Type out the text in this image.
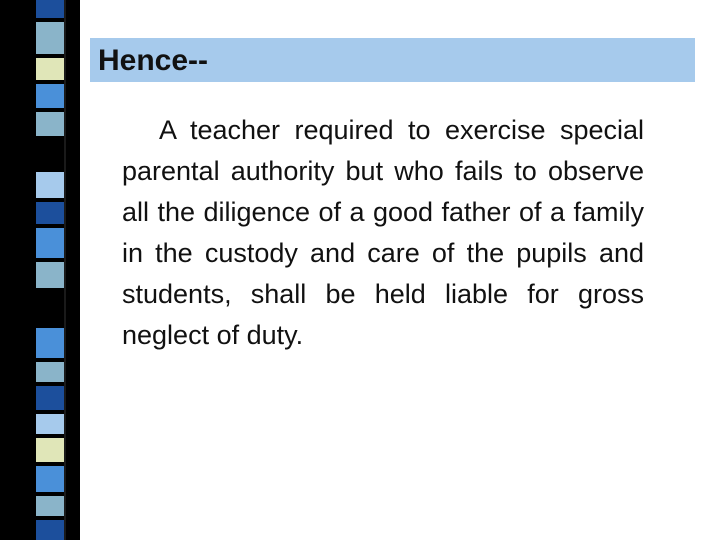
Hence--

A teacher required to exercise special parental authority but who fails to observe all the diligence of a good father of a family in the custody and care of the pupils and students, shall be held liable for gross neglect of duty.
